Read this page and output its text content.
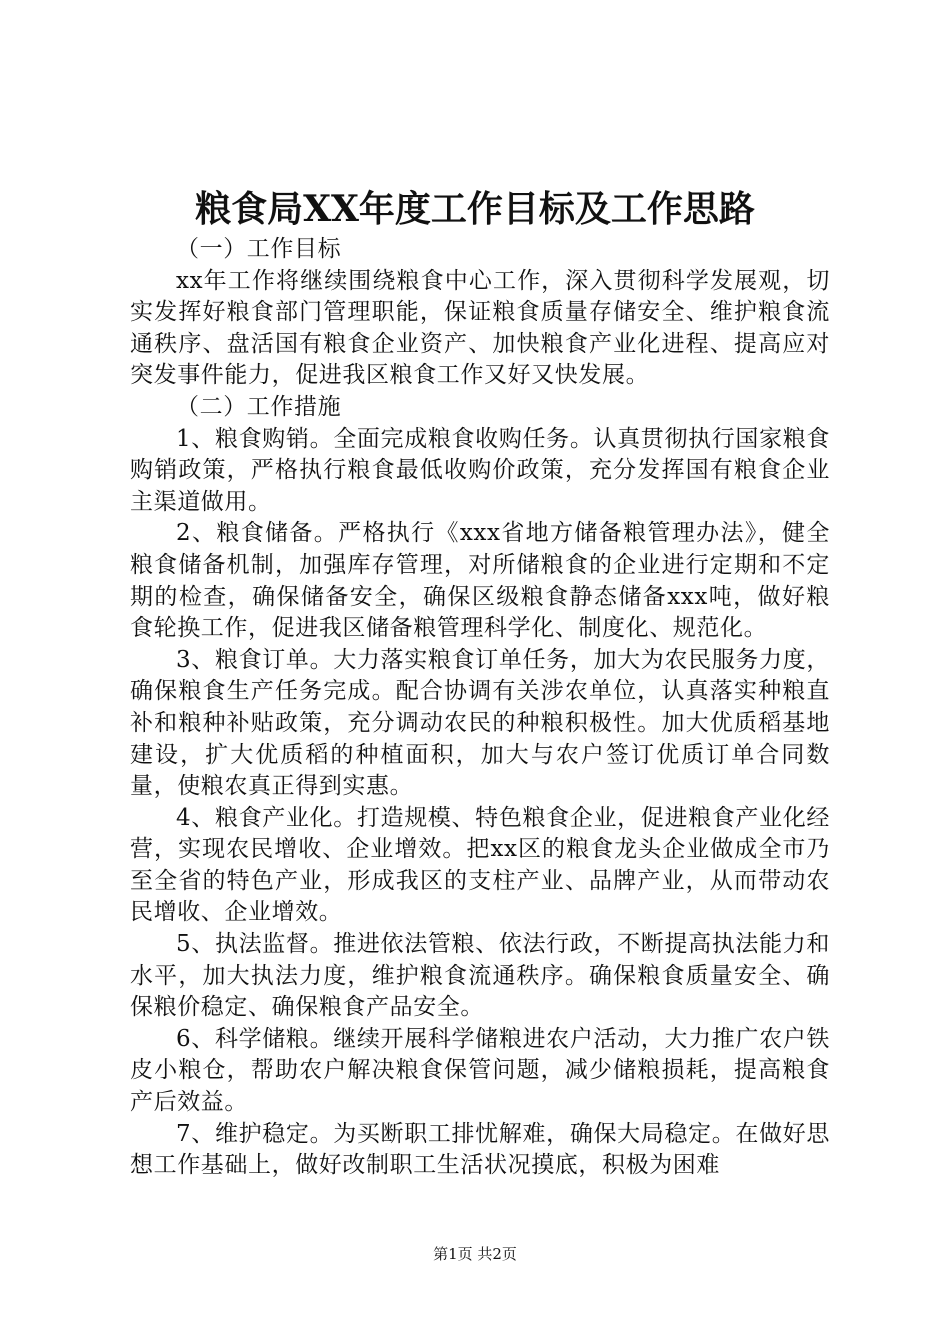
粮食局XX年度工作目标及工作思路

（一）工作目标

xx年工作将继续围绕粮食中心工作，深入贯彻科学发展观，切实发挥好粮食部门管理职能，保证粮食质量存储安全、维护粮食流通秩序、盘活国有粮食企业资产、加快粮食产业化进程、提高应对突发事件能力，促进我区粮食工作又好又快发展。

（二）工作措施

1、粮食购销。全面完成粮食收购任务。认真贯彻执行国家粮食购销政策，严格执行粮食最低收购价政策，充分发挥国有粮食企业主渠道做用。

2、粮食储备。严格执行《xxx省地方储备粮管理办法》，健全粮食储备机制，加强库存管理，对所储粮食的企业进行定期和不定期的检查，确保储备安全，确保区级粮食静态储备xxx吨，做好粮食轮换工作，促进我区储备粮管理科学化、制度化、规范化。

3、粮食订单。大力落实粮食订单任务，加大为农民服务力度，确保粮食生产任务完成。配合协调有关涉农单位，认真落实种粮直补和粮种补贴政策，充分调动农民的种粮积极性。加大优质稻基地建设，扩大优质稻的种植面积，加大与农户签订优质订单合同数量，使粮农真正得到实惠。

4、粮食产业化。打造规模、特色粮食企业，促进粮食产业化经营，实现农民增收、企业增效。把xx区的粮食龙头企业做成全市乃至全省的特色产业，形成我区的支柱产业、品牌产业，从而带动农民增收、企业增效。

5、执法监督。推进依法管粮、依法行政，不断提高执法能力和水平，加大执法力度，维护粮食流通秩序。确保粮食质量安全、确保粮价稳定、确保粮食产品安全。

6、科学储粮。继续开展科学储粮进农户活动，大力推广农户铁皮小粮仓，帮助农户解决粮食保管问题，减少储粮损耗，提高粮食产后效益。

7、维护稳定。为买断职工排忧解难，确保大局稳定。在做好思想工作基础上，做好改制职工生活状况摸底，积极为困难

第1页 共2页
